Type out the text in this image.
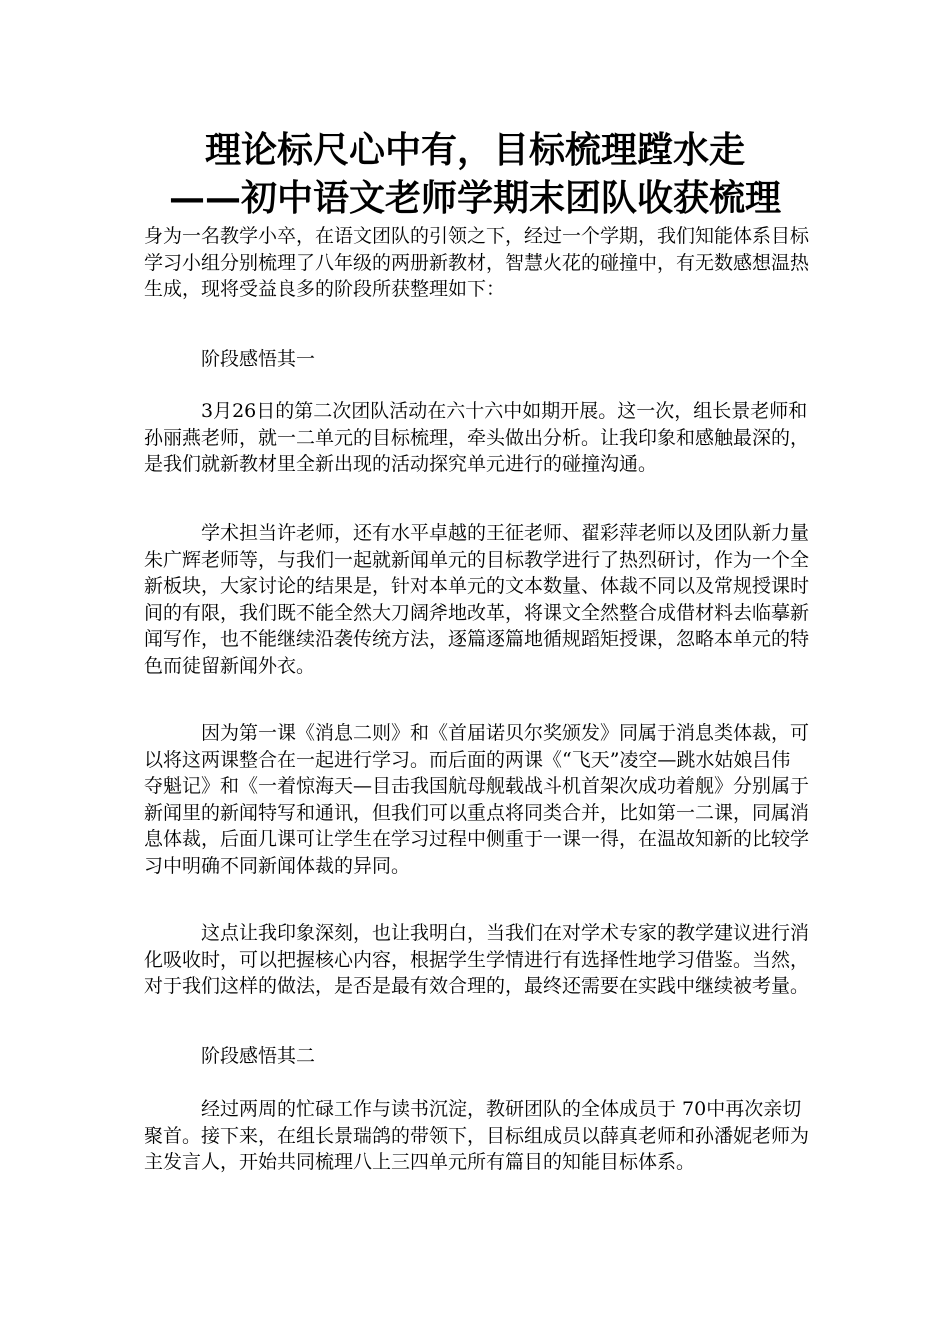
理论标尺心中有，目标梳理蹚水走
——初中语文老师学期末团队收获梳理

身为一名教学小卒，在语文团队的引领之下，经过一个学期，我们知能体系目标学习小组分别梳理了八年级的两册新教材，智慧火花的碰撞中，有无数感想温热生成，现将受益良多的阶段所获整理如下：

阶段感悟其一

3月26日的第二次团队活动在六十六中如期开展。这一次，组长景老师和孙丽燕老师，就一二单元的目标梳理，牵头做出分析。让我印象和感触最深的，是我们就新教材里全新出现的活动探究单元进行的碰撞沟通。

学术担当许老师，还有水平卓越的王征老师、翟彩萍老师以及团队新力量朱广辉老师等，与我们一起就新闻单元的目标教学进行了热烈研讨，作为一个全新板块，大家讨论的结果是，针对本单元的文本数量、体裁不同以及常规授课时间的有限，我们既不能全然大刀阔斧地改革，将课文全然整合成借材料去临摹新闻写作，也不能继续沿袭传统方法，逐篇逐篇地循规蹈矩授课，忽略本单元的特色而徒留新闻外衣。

因为第一课《消息二则》和《首届诺贝尔奖颁发》同属于消息类体裁，可以将这两课整合在一起进行学习。而后面的两课《“飞天”凌空—跳水姑娘吕伟夺魁记》和《一着惊海天—目击我国航母舰载战斗机首架次成功着舰》分别属于新闻里的新闻特写和通讯，但我们可以重点将同类合并，比如第一二课，同属消息体裁，后面几课可让学生在学习过程中侧重于一课一得，在温故知新的比较学习中明确不同新闻体裁的异同。

这点让我印象深刻，也让我明白，当我们在对学术专家的教学建议进行消化吸收时，可以把握核心内容，根据学生学情进行有选择性地学习借鉴。当然，对于我们这样的做法，是否是最有效合理的，最终还需要在实践中继续被考量。

阶段感悟其二

经过两周的忙碌工作与读书沉淀，教研团队的全体成员于 70中再次亲切聚首。接下来，在组长景瑞鸽的带领下，目标组成员以薛真老师和孙潘妮老师为主发言人，开始共同梳理八上三四单元所有篇目的知能目标体系。
